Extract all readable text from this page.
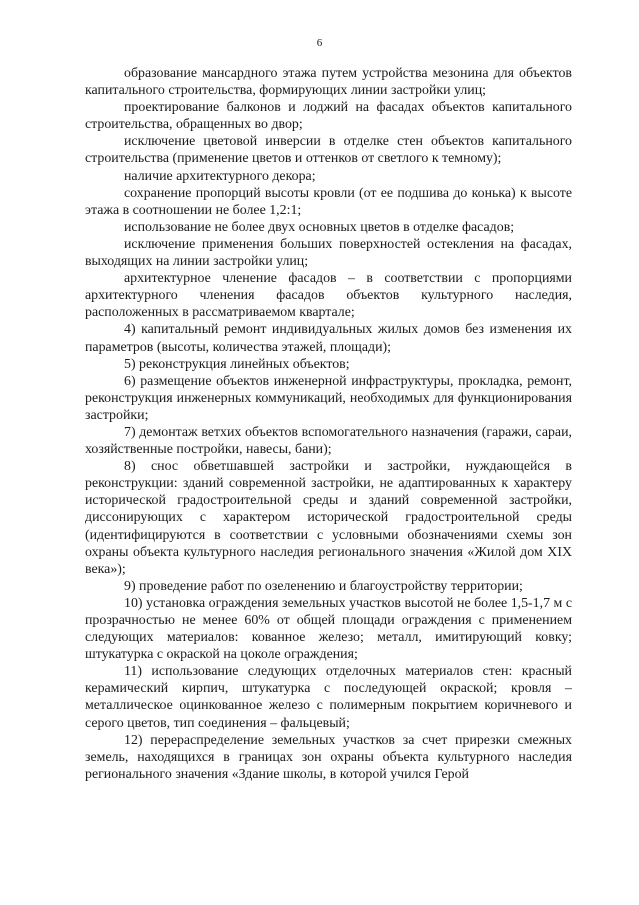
6

образование мансардного этажа путем устройства мезонина для объектов капитального строительства, формирующих линии застройки улиц;

проектирование балконов и лоджий на фасадах объектов капитального строительства, обращенных во двор;

исключение цветовой инверсии в отделке стен объектов капитального строительства (применение цветов и оттенков от светлого к темному);

наличие архитектурного декора;

сохранение пропорций высоты кровли (от ее подшива до конька) к высоте этажа в соотношении не более 1,2:1;

использование не более двух основных цветов в отделке фасадов;

исключение применения больших поверхностей остекления на фасадах, выходящих на линии застройки улиц;

архитектурное членение фасадов – в соответствии с пропорциями архитектурного членения фасадов объектов культурного наследия, расположенных в рассматриваемом квартале;

4) капитальный ремонт индивидуальных жилых домов без изменения их параметров (высоты, количества этажей, площади);

5) реконструкция линейных объектов;

6) размещение объектов инженерной инфраструктуры, прокладка, ремонт, реконструкция инженерных коммуникаций, необходимых для функционирования застройки;

7) демонтаж ветхих объектов вспомогательного назначения (гаражи, сараи, хозяйственные постройки, навесы, бани);

8) снос обветшавшей застройки и застройки, нуждающейся в реконструкции: зданий современной застройки, не адаптированных к характеру исторической градостроительной среды и зданий современной застройки, диссонирующих с характером исторической градостроительной среды (идентифицируются в соответствии с условными обозначениями схемы зон охраны объекта культурного наследия регионального значения «Жилой дом XIX века»);

9) проведение работ по озеленению и благоустройству территории;

10) установка ограждения земельных участков высотой не более 1,5-1,7 м с прозрачностью не менее 60% от общей площади ограждения с применением следующих материалов: кованное железо; металл, имитирующий ковку; штукатурка с окраской на цоколе ограждения;

11) использование следующих отделочных материалов стен: красный керамический кирпич, штукатурка с последующей окраской; кровля – металлическое оцинкованное железо с полимерным покрытием коричневого и серого цветов, тип соединения – фальцевый;

12) перераспределение земельных участков за счет прирезки смежных земель, находящихся в границах зон охраны объекта культурного наследия регионального значения «Здание школы, в которой учился Герой
